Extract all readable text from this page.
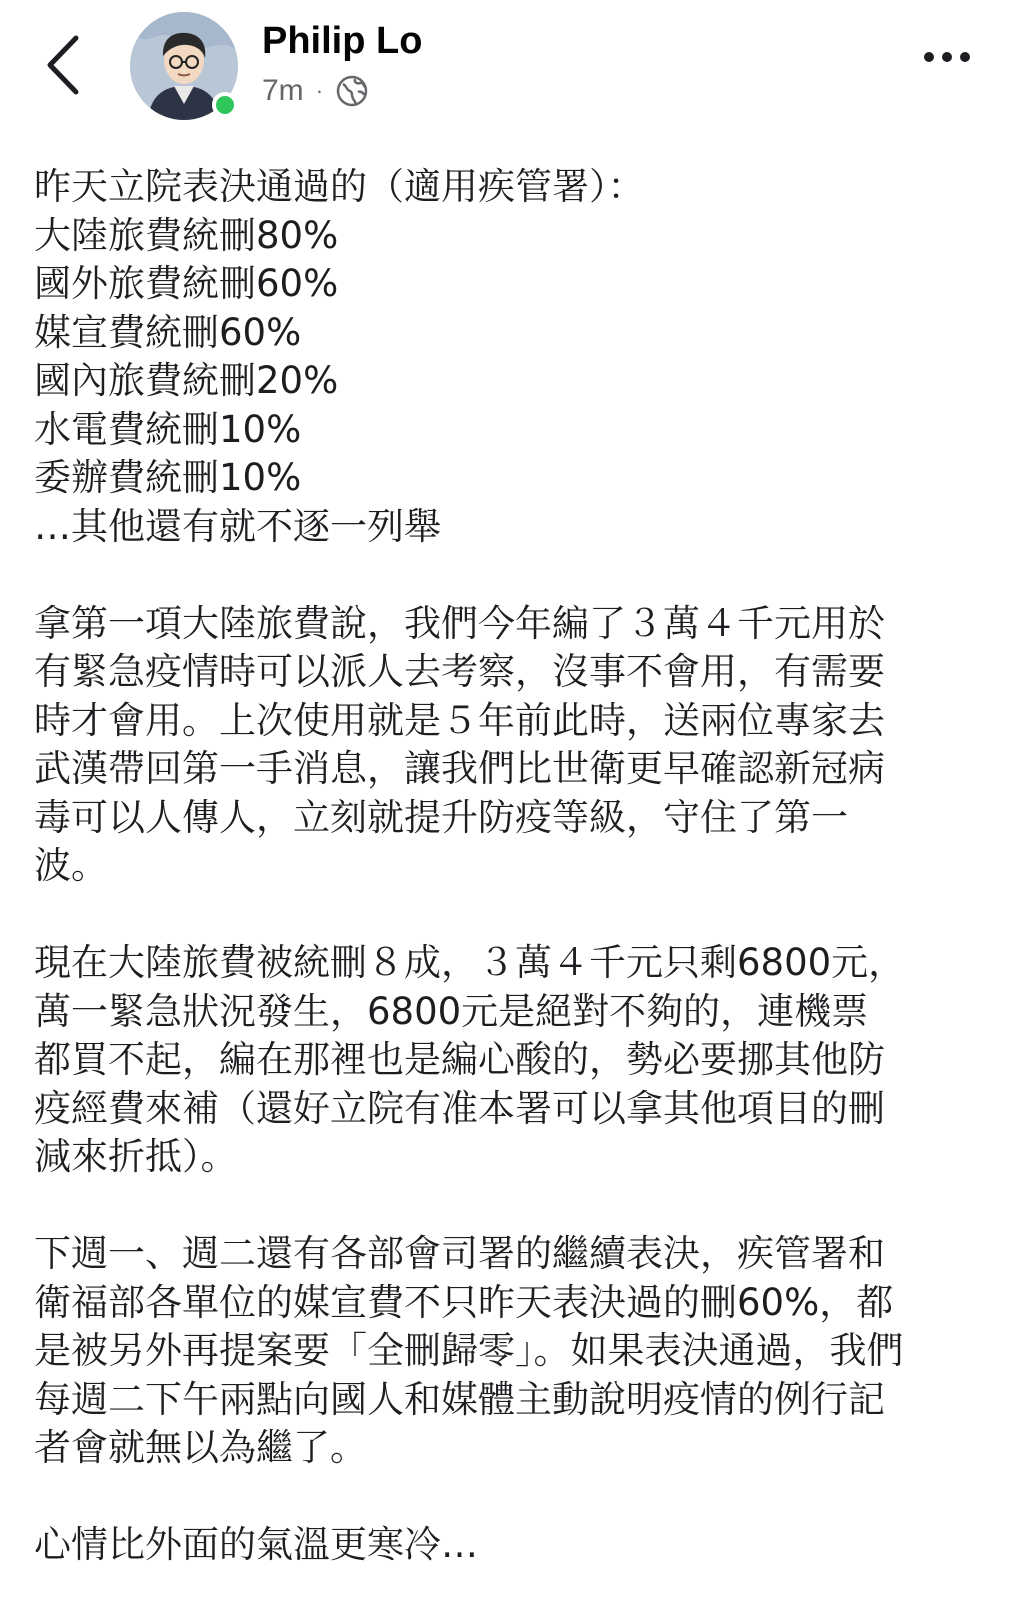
Philip Lo
7m ·
昨天立院表決通過的（適用疾管署）：
大陸旅費統刪80%
國外旅費統刪60%
媒宣費統刪60%
國內旅費統刪20%
水電費統刪10%
委辦費統刪10%
…其他還有就不逐一列舉
拿第一項大陸旅費說，我們今年編了３萬４千元用於
有緊急疫情時可以派人去考察，沒事不會用，有需要
時才會用。上次使用就是５年前此時，送兩位專家去
武漢帶回第一手消息，讓我們比世衛更早確認新冠病
毒可以人傳人，立刻就提升防疫等級，守住了第一
波。
現在大陸旅費被統刪８成，３萬４千元只剩6800元，
萬一緊急狀況發生，6800元是絕對不夠的，連機票
都買不起，編在那裡也是編心酸的，勢必要挪其他防
疫經費來補（還好立院有准本署可以拿其他項目的刪
減來折抵）。
下週一、週二還有各部會司署的繼續表決，疾管署和
衛福部各單位的媒宣費不只昨天表決過的刪60%，都
是被另外再提案要「全刪歸零」。如果表決通過，我們
每週二下午兩點向國人和媒體主動說明疫情的例行記
者會就無以為繼了。
心情比外面的氣溫更寒冷…
